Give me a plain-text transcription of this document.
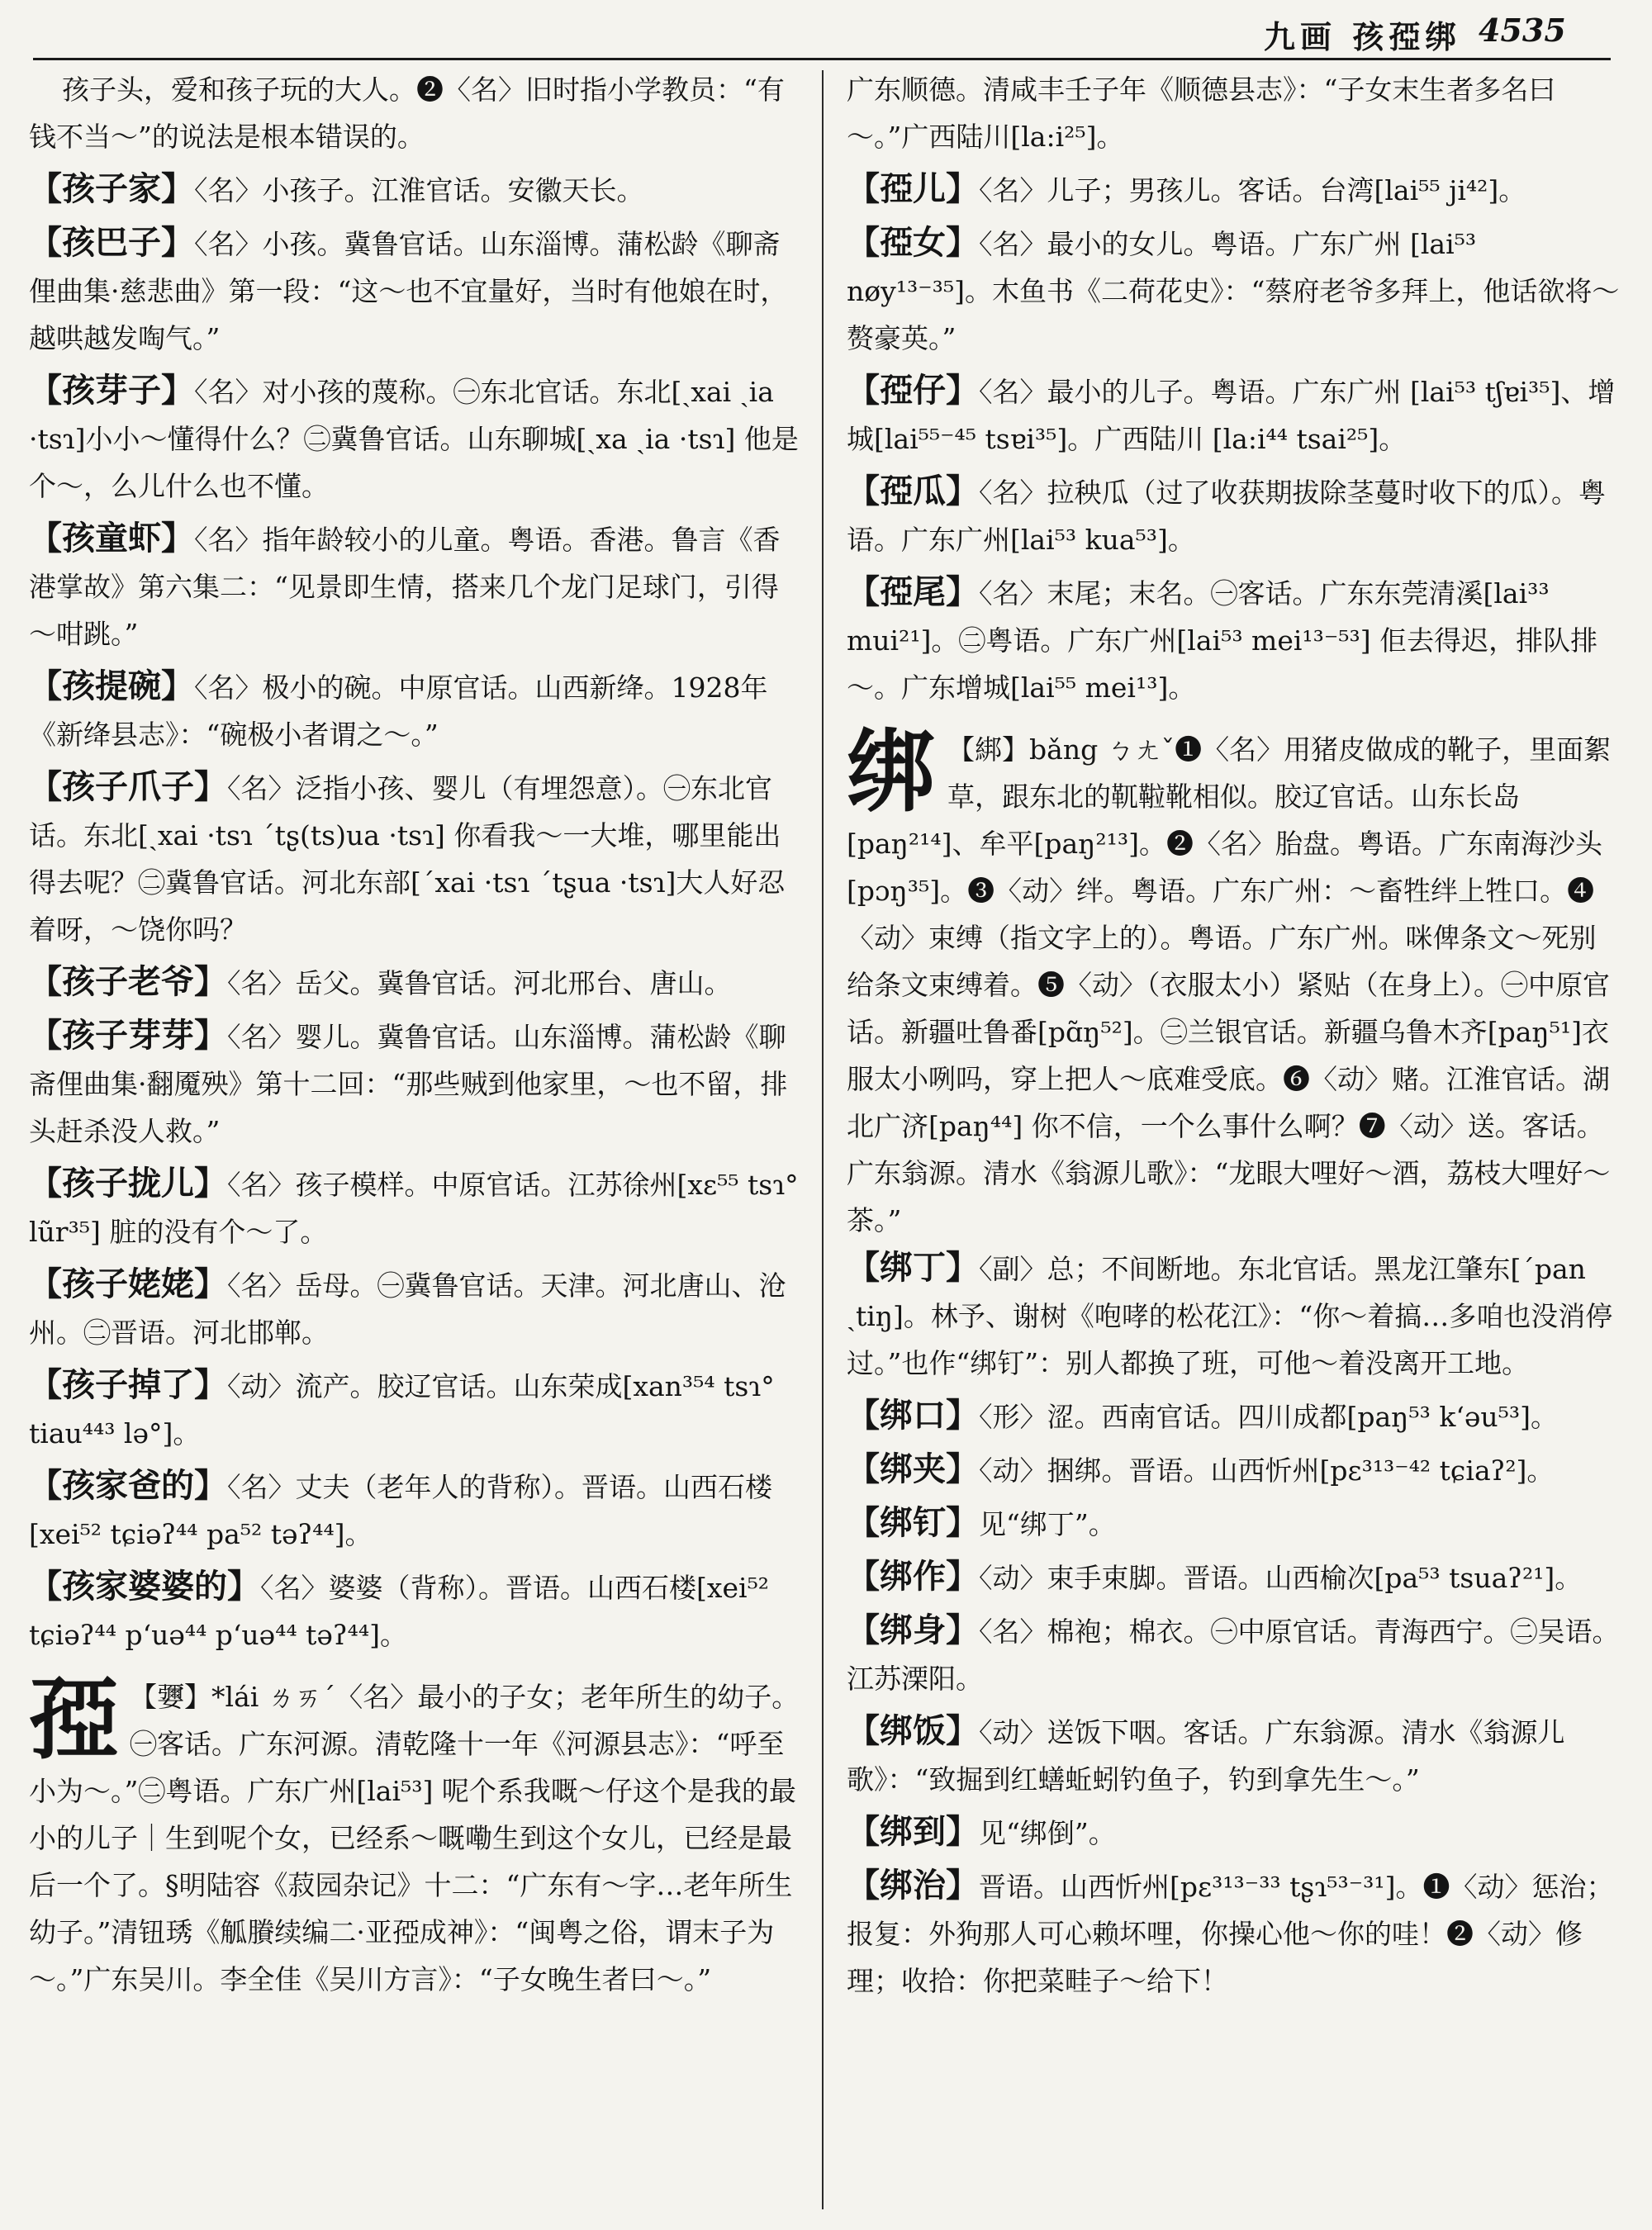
九画 孩孲绑 4535

孩子头，爱和孩子玩的大人。❷〈名〉旧时指小学教员：“有钱不当～”的说法是根本错误的。

【孩子家】〈名〉小孩子。江淮官话。安徽天长。

【孩巴子】〈名〉小孩。冀鲁官话。山东淄博。蒲松龄《聊斋俚曲集·慈悲曲》第一段：“这～也不宜量好，当时有他娘在时，越哄越发啕气。”

【孩芽子】〈名〉对小孩的蔑称。㊀东北官话。东北[ˏxai ˏia ·tsɿ]小小～懂得什么？㊁冀鲁官话。山东聊城[ˏxa ˏia ·tsɿ] 他是个～，么儿什么也不懂。

【孩童虾】〈名〉指年龄较小的儿童。粤语。香港。鲁言《香港掌故》第六集二：“见景即生情，搭来几个龙门足球门，引得～咁跳。”

【孩提碗】〈名〉极小的碗。中原官话。山西新绛。1928年《新绛县志》：“碗极小者谓之～。”

【孩子爪子】〈名〉泛指小孩、婴儿（有埋怨意）。㊀东北官话。东北[ˏxai ·tsɿ ˊtʂ(ts)ua ·tsɿ] 你看我～一大堆，哪里能出得去呢？㊁冀鲁官话。河北东部[ˊxai ·tsɿ ˊtʂua ·tsɿ]大人好忍着呀，～饶你吗？

【孩子老爷】〈名〉岳父。冀鲁官话。河北邢台、唐山。

【孩子芽芽】〈名〉婴儿。冀鲁官话。山东淄博。蒲松龄《聊斋俚曲集·翻魇殃》第十二回：“那些贼到他家里，～也不留，排头赶杀没人救。”

【孩子拢儿】〈名〉孩子模样。中原官话。江苏徐州[xɛ⁵⁵ tsɿ° lũr³⁵] 脏的没有个～了。

【孩子姥姥】〈名〉岳母。㊀冀鲁官话。天津。河北唐山、沧州。㊁晋语。河北邯郸。

【孩子掉了】〈动〉流产。胶辽官话。山东荣成[xan³⁵⁴ tsɿ° tiau⁴⁴³ lə°]。

【孩家爸的】〈名〉丈夫（老年人的背称）。晋语。山西石楼[xei⁵² tɕiəʔ⁴⁴ pa⁵² təʔ⁴⁴]。

【孩家婆婆的】〈名〉婆婆（背称）。晋语。山西石楼[xei⁵² tɕiəʔ⁴⁴ pʻuə⁴⁴ pʻuə⁴⁴ təʔ⁴⁴]。

孲 【㜷】*lái ㄌㄞˊ〈名〉最小的子女；老年所生的幼子。㊀客话。广东河源。清乾隆十一年《河源县志》：“呼至小为～。”㊁粤语。广东广州[lai⁵³] 呢个系我嘅～仔这个是我的最小的儿子｜生到呢个女，已经系～嘅嘞生到这个女儿，已经是最后一个了。§明陆容《菽园杂记》十二：“广东有～字…老年所生幼子。”清钮琇《觚賸续编二·亚孲成神》：“闽粤之俗，谓末子为～。”广东吴川。李全佳《吴川方言》：“子女晚生者曰～。”

广东顺德。清咸丰壬子年《顺德县志》：“子女末生者多名曰～。”广西陆川[la:i²⁵]。

【孲儿】〈名〉儿子；男孩儿。客话。台湾[lai⁵⁵ ji⁴²]。

【孲女】〈名〉最小的女儿。粤语。广东广州 [lai⁵³ nøy¹³⁻³⁵]。木鱼书《二荷花史》：“蔡府老爷多拜上，他话欲将～赘豪英。”

【孲仔】〈名〉最小的儿子。粤语。广东广州 [lai⁵³ tʃɐi³⁵]、增城[lai⁵⁵⁻⁴⁵ tsɐi³⁵]。广西陆川 [la:i⁴⁴ tsai²⁵]。

【孲瓜】〈名〉拉秧瓜（过了收获期拔除茎蔓时收下的瓜）。粤语。广东广州[lai⁵³ kua⁵³]。

【孲尾】〈名〉末尾；末名。㊀客话。广东东莞清溪[lai³³ mui²¹]。㊁粤语。广东广州[lai⁵³ mei¹³⁻⁵³] 佢去得迟，排队排～。广东增城[lai⁵⁵ mei¹³]。

绑 【綁】bǎng ㄅㄤˇ❶〈名〉用猪皮做成的靴子，里面絮草，跟东北的靰鞡靴相似。胶辽官话。山东长岛[paŋ²¹⁴]、牟平[paŋ²¹³]。❷〈名〉胎盘。粤语。广东南海沙头[pɔŋ³⁵]。❸〈动〉绊。粤语。广东广州：～畜牲绊上牲口。❹〈动〉束缚（指文字上的）。粤语。广东广州。咪俾条文～死别给条文束缚着。❺〈动〉（衣服太小）紧贴（在身上）。㊀中原官话。新疆吐鲁番[pɑ̃ŋ⁵²]。㊁兰银官话。新疆乌鲁木齐[paŋ⁵¹]衣服太小咧吗，穿上把人～底难受底。❻〈动〉赌。江淮官话。湖北广济[paŋ⁴⁴] 你不信，一个么事什么啊？❼〈动〉送。客话。广东翁源。清水《翁源儿歌》：“龙眼大哩好～酒，荔枝大哩好～茶。”

【绑丁】〈副〉总；不间断地。东北官话。黑龙江肇东[ˊpan ˏtiŋ]。林予、谢树《咆哮的松花江》：“你～着搞…多咱也没消停过。”也作“绑钉”：别人都换了班，可他～着没离开工地。

【绑口】〈形〉涩。西南官话。四川成都[paŋ⁵³ kʻəu⁵³]。

【绑夹】〈动〉捆绑。晋语。山西忻州[pɛ³¹³⁻⁴² tɕiaʔ²]。

【绑钉】见“绑丁”。

【绑作】〈动〉束手束脚。晋语。山西榆次[pa⁵³ tsuaʔ²¹]。

【绑身】〈名〉棉袍；棉衣。㊀中原官话。青海西宁。㊁吴语。江苏溧阳。

【绑饭】〈动〉送饭下咽。客话。广东翁源。清水《翁源儿歌》：“致掘到红蟮蚯蚓钓鱼子，钓到拿先生～。”

【绑到】见“绑倒”。

【绑治】晋语。山西忻州[pɛ³¹³⁻³³ tʂɿ⁵³⁻³¹]。❶〈动〉惩治；报复：外狗那人可心赖坏哩，你操心他～你的哇！❷〈动〉修理；收拾：你把菜畦子～给下！
